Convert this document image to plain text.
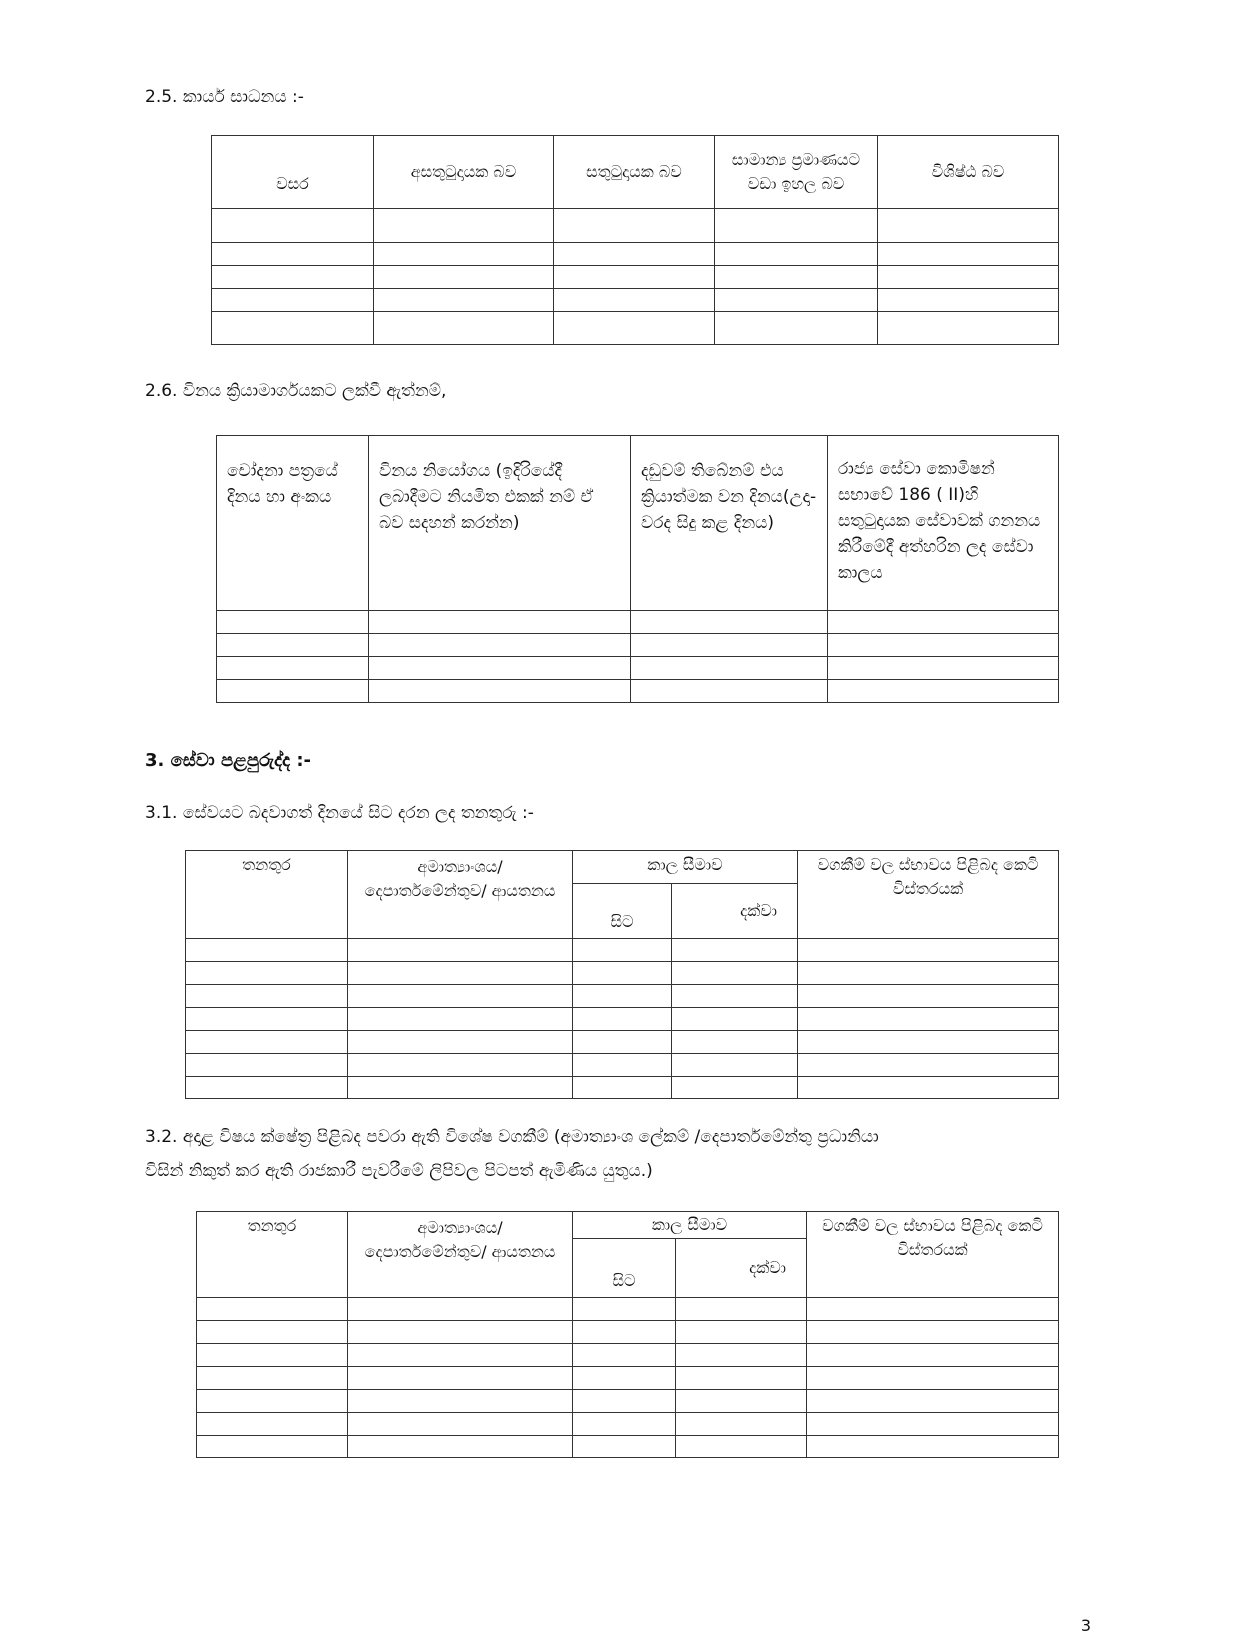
2.5. කාර්ය සාධනය :-
වසර	අසතුටුදායක බව	සතුටුදායක බව	සාමාන්‍ය ප්‍රමාණයට වඩා ඉහල බව	විශිෂ්ඨ බව

2.6. විනය ක්‍රියාමාර්ගයකට ලක්වී ඇත්නම්,
චෝදනා පත්‍රයේ දිනය හා අංකය	විනය නියෝගය (ඉදිරියේදී ලබාදීමට නියමිත එකක් නම් ඒ බව සදහන් කරන්න)	දඩුවම් තිබේනම් එය ක්‍රියාත්මක වන දිනය(උදා- වරද සිදු කළ දිනය)	රාජ්‍ය සේවා කොමිෂන් සභාවේ 186 ( II)හි සතුටුදායක සේවාවක් ගනනය කිරීමේදී අත්හරින ලද සේවා කාලය

3. සේවා පළපුරුද්ද :-
3.1. සේවයට බදවාගත් දිනයේ සිට දරන ලද තනතුරු :-
තනතුර	අමාත්‍යාංශය/ දෙපාර්තමේන්තුව/ ආයතනය	කාල සීමාව		වගකීම් වල ස්භාවය පිළිබද කෙටි විස්තරයක්
		සිට	දක්වා	

3.2. අදාළ විෂය ක්ෂේත්‍ර පිළිබද පවරා ඇති විශේෂ වගකීම් (අමාත්‍යාංශ ලේකම් /දෙපාර්තමේන්තු ප්‍රධානියා
විසින් නිකුත් කර ඇති රාජකාරී පැවරීමේ ලිපිවල පිටපත් ඇමිණිය යුතුය.)
තනතුර	අමාත්‍යාංශය/ දෙපාර්තමේන්තුව/ ආයතනය	කාල සීමාව		වගකීම් වල ස්භාවය පිළිබද කෙටි විස්තරයක්
		සිට	දක්වා	

3
